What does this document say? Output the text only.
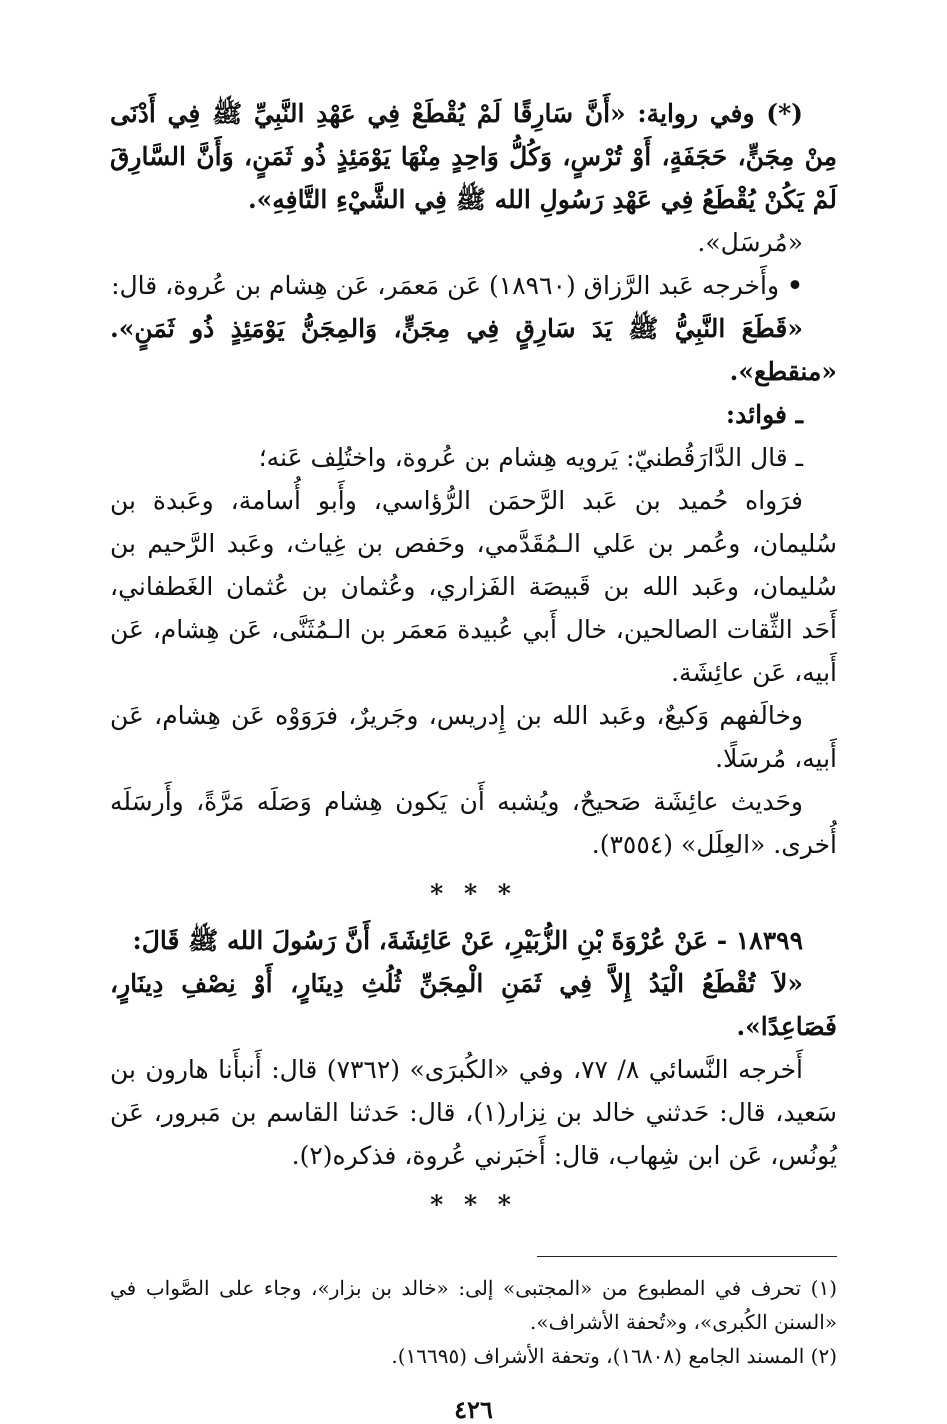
(*) وفي رواية: «أَنَّ سَارِقًا لَمْ يُقْطَعْ فِي عَهْدِ النَّبِيِّ ﷺ فِي أَدْنَى مِنْ مِجَنٍّ، حَجَفَةٍ، أَوْ تُرْسٍ، وَكُلُّ وَاحِدٍ مِنْهَا يَوْمَئِذٍ ذُو ثَمَنٍ، وَأَنَّ السَّارِقَ لَمْ يَكُنْ يُقْطَعُ فِي عَهْدِ رَسُولِ الله ﷺ فِي الشَّيْءِ التَّافِهِ».

«مُرسَل».

•وأَخرجه عَبد الرَّزاق (١٨٩٦٠) عَن مَعمَر، عَن هِشام بن عُروة، قال:

«قَطَعَ النَّبِيُّ ﷺ يَدَ سَارِقٍ فِي مِجَنٍّ، وَالمِجَنُّ يَوْمَئِذٍ ذُو ثَمَنٍ». «منقطع».

ـ فوائد:

ـ قال الدَّارَقُطنيّ: يَرويه هِشام بن عُروة، واختُلِف عَنه؛

فرَواه حُميد بن عَبد الرَّحمَن الرُّؤاسي، وأَبو أُسامة، وعَبدة بن سُليمان، وعُمر بن عَلي الـمُقَدَّمي، وحَفص بن غِياث، وعَبد الرَّحيم بن سُليمان، وعَبد الله بن قَبيصَة الفَزاري، وعُثمان بن عُثمان الغَطفاني، أَحَد الثِّقات الصالحين، خال أَبي عُبيدة مَعمَر بن الـمُثَنَّى، عَن هِشام، عَن أَبيه، عَن عائِشَة.

وخالَفهم وَكيعٌ، وعَبد الله بن إِدريس، وجَريرٌ، فرَوَوْه عَن هِشام، عَن أَبيه، مُرسَلًا.

وحَديث عائِشَة صَحيحٌ، ويُشبه أَن يَكون هِشام وَصَلَه مَرَّةً، وأَرسَلَه أُخرى. «العِلَل» (٣٥٥٤).

* * *

١٨٣٩٩ - عَنْ عُرْوَةَ بْنِ الزُّبَيْرِ، عَنْ عَائِشَةَ، أَنَّ رَسُولَ الله ﷺ قَالَ:

«لاَ تُقْطَعُ الْيَدُ إِلاَّ فِي ثَمَنِ الْمِجَنِّ ثُلُثِ دِينَارٍ، أَوْ نِصْفِ دِينَارٍ، فَصَاعِدًا».

أَخرجه النَّسائي ٨/ ٧٧، وفي «الكُبرَى» (٧٣٦٢) قال: أَنبأَنا هارون بن سَعيد، قال: حَدثني خالد بن نِزار(١)، قال: حَدثنا القاسم بن مَبرور، عَن يُونُس، عَن ابن شِهاب، قال: أَخبَرني عُروة، فذكره(٢).

* * *

(١) تحرف في المطبوع من «المجتبى» إلى: «خالد بن بزار»، وجاء على الصَّواب في «السنن الكُبرى»، و«تُحفة الأشراف».

(٢) المسند الجامع (١٦٨٠٨)، وتحفة الأشراف (١٦٦٩٥).

٤٢٦
